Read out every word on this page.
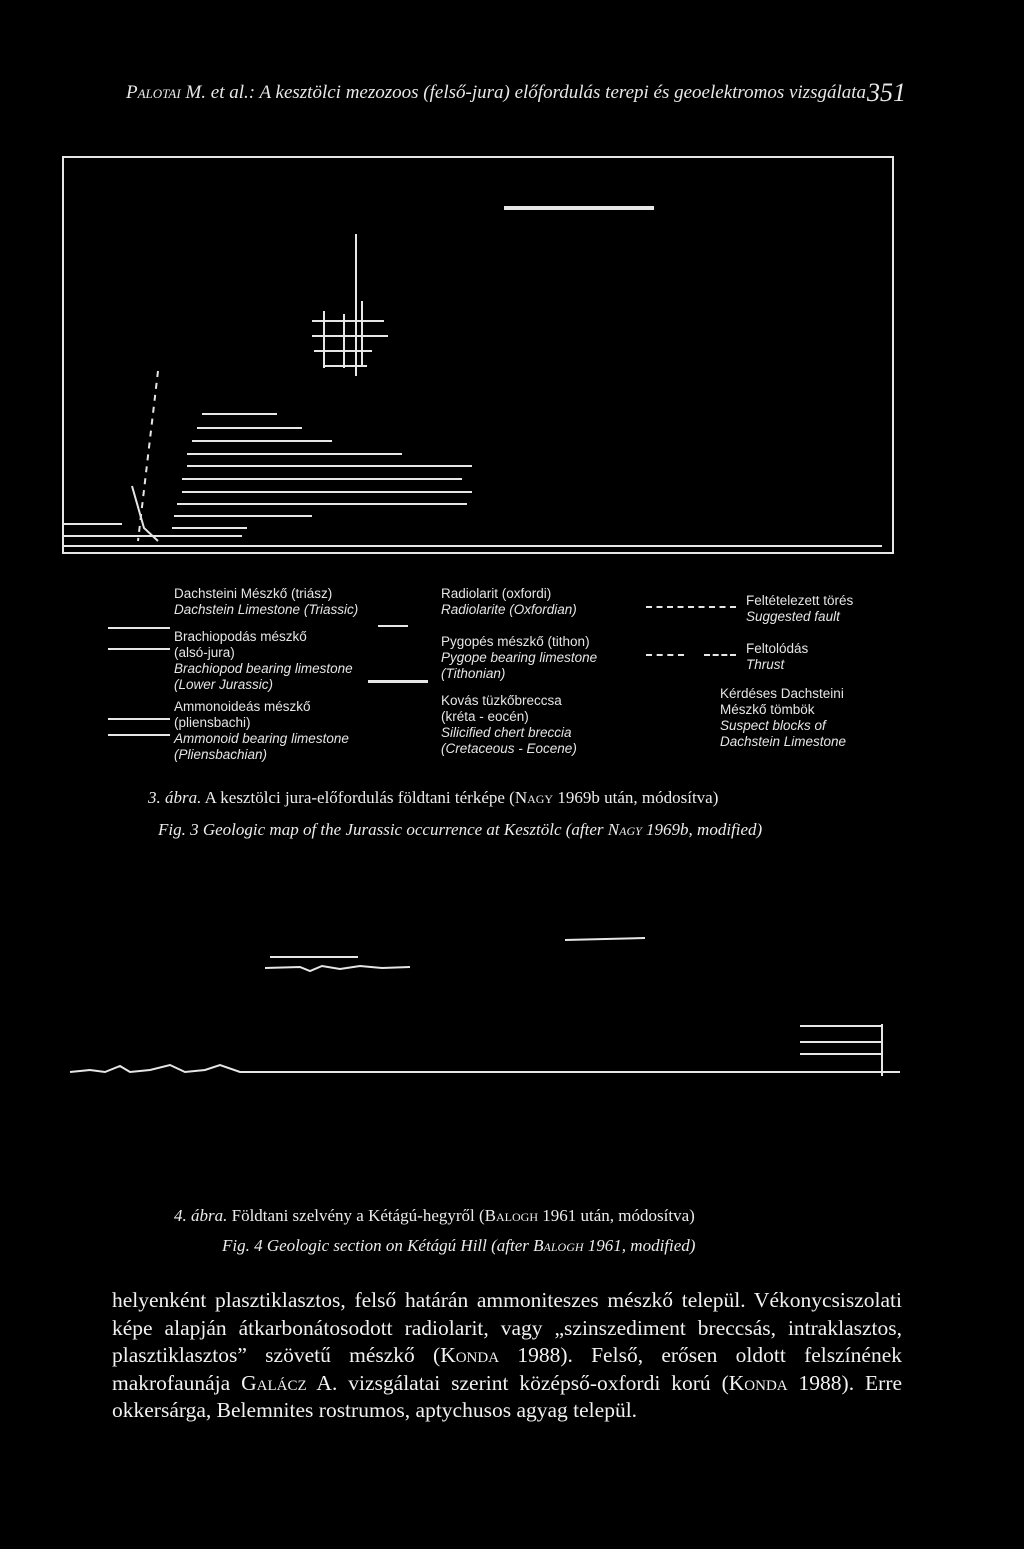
Palotai M. et al.: A kesztölci mezozoos (felső-jura) előfordulás terepi és geoelektromos vizsgálata 351
Dachsteini Mészkő (triász)
Dachstein Limestone (Triassic)
Brachiopodás mészkő
(alsó-jura)
Brachiopod bearing limestone
(Lower Jurassic)
Ammonoideás mészkő
(pliensbachi)
Ammonoid bearing limestone
(Pliensbachian)
Radiolarit (oxfordi)
Radiolarite (Oxfordian)
Pygopés mészkő (tithon)
Pygope bearing limestone
(Tithonian)
Kovás tüzkőbreccsa
(kréta - eocén)
Silicified chert breccia
(Cretaceous - Eocene)
Feltételezett törés
Suggested fault
Feltolódás
Thrust
Kérdéses Dachsteini
Mészkő tömbök
Suspect blocks of
Dachstein Limestone
3. ábra. A kesztölci jura-előfordulás földtani térképe (Nagy 1969b után, módosítva)
Fig. 3 Geologic map of the Jurassic occurrence at Kesztölc (after Nagy 1969b, modified)
4. ábra. Földtani szelvény a Kétágú-hegyről (Balogh 1961 után, módosítva)
Fig. 4 Geologic section on Kétágú Hill (after Balogh 1961, modified)

helyenként plasztiklasztos, felső határán ammoniteszes mészkő települ. Vékonycsiszolati képe alapján átkarbonátosodott radiolarit, vagy „szinszediment breccsás, intraklasztos, plasztiklasztos” szövetű mészkő (Konda 1988). Felső, erősen oldott felszínének makrofaunája Galácz A. vizsgálatai szerint középső-oxfordi korú (Konda 1988). Erre okkersárga, Belemnites rostrumos, aptychusos agyag települ.
